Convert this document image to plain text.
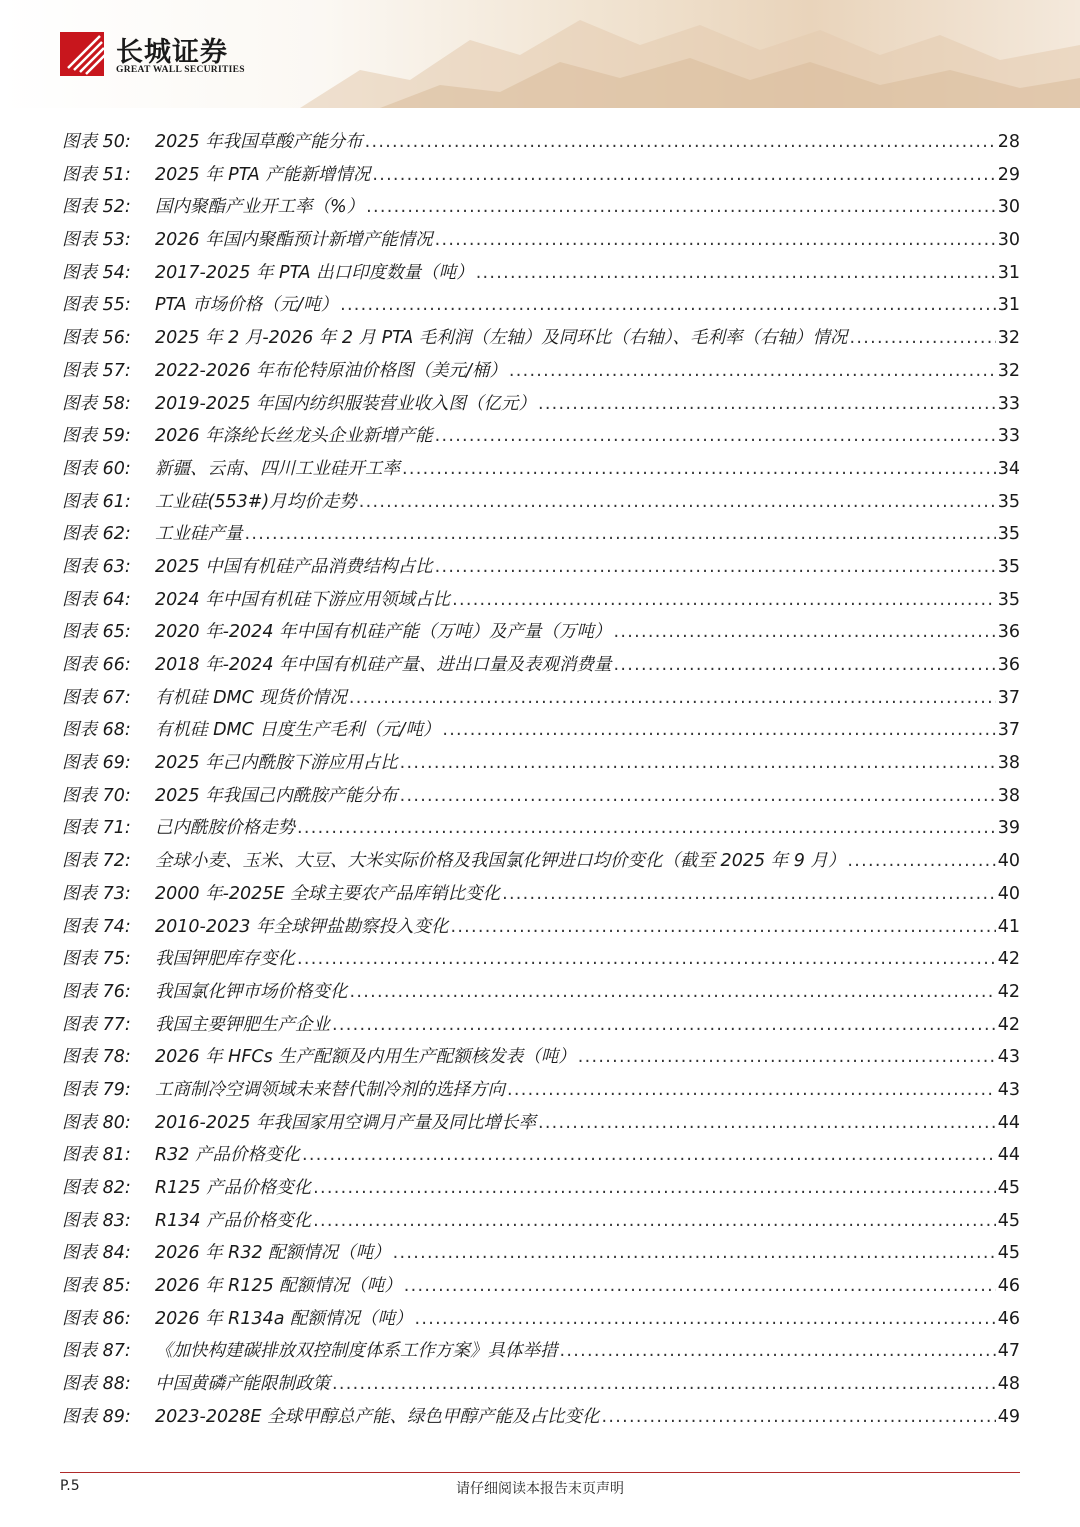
长城证券
GREAT WALL SECURITIES
图表 50:	2025 年我国草酸产能分布 .....	28
图表 51:	2025 年 PTA 产能新增情况 .....	29
图表 52:	国内聚酯产业开工率（%） .....	30
图表 53:	2026 年国内聚酯预计新增产能情况 .....	30
图表 54:	2017-2025 年 PTA 出口印度数量（吨） .....	31
图表 55:	PTA 市场价格（元/吨） .....	31
图表 56:	2025 年 2 月-2026 年 2 月 PTA 毛利润（左轴）及同环比（右轴）、毛利率（右轴）情况 .....	32
图表 57:	2022-2026 年布伦特原油价格图（美元/桶） .....	32
图表 58:	2019-2025 年国内纺织服装营业收入图（亿元） .....	33
图表 59:	2026 年涤纶长丝龙头企业新增产能 .....	33
图表 60:	新疆、云南、四川工业硅开工率 .....	34
图表 61:	工业硅(553#)月均价走势 .....	35
图表 62:	工业硅产量 .....	35
图表 63:	2025 中国有机硅产品消费结构占比 .....	35
图表 64:	2024 年中国有机硅下游应用领域占比 .....	35
图表 65:	2020 年-2024 年中国有机硅产能（万吨）及产量（万吨） .....	36
图表 66:	2018 年-2024 年中国有机硅产量、进出口量及表观消费量 .....	36
图表 67:	有机硅 DMC 现货价情况 .....	37
图表 68:	有机硅 DMC 日度生产毛利（元/吨） .....	37
图表 69:	2025 年己内酰胺下游应用占比 .....	38
图表 70:	2025 年我国己内酰胺产能分布 .....	38
图表 71:	己内酰胺价格走势 .....	39
图表 72:	全球小麦、玉米、大豆、大米实际价格及我国氯化钾进口均价变化（截至 2025 年 9 月） .....	40
图表 73:	2000 年-2025E 全球主要农产品库销比变化 .....	40
图表 74:	2010-2023 年全球钾盐勘察投入变化 .....	41
图表 75:	我国钾肥库存变化 .....	42
图表 76:	我国氯化钾市场价格变化 .....	42
图表 77:	我国主要钾肥生产企业 .....	42
图表 78:	2026 年 HFCs 生产配额及内用生产配额核发表（吨） .....	43
图表 79:	工商制冷空调领域未来替代制冷剂的选择方向 .....	43
图表 80:	2016-2025 年我国家用空调月产量及同比增长率 .....	44
图表 81:	R32 产品价格变化 .....	44
图表 82:	R125 产品价格变化 .....	45
图表 83:	R134 产品价格变化 .....	45
图表 84:	2026 年 R32 配额情况（吨） .....	45
图表 85:	2026 年 R125 配额情况（吨） .....	46
图表 86:	2026 年 R134a 配额情况（吨） .....	46
图表 87:	《加快构建碳排放双控制度体系工作方案》具体举措 .....	47
图表 88:	中国黄磷产能限制政策 .....	48
图表 89:	2023-2028E 全球甲醇总产能、绿色甲醇产能及占比变化 .....	49
P.5	请仔细阅读本报告末页声明
